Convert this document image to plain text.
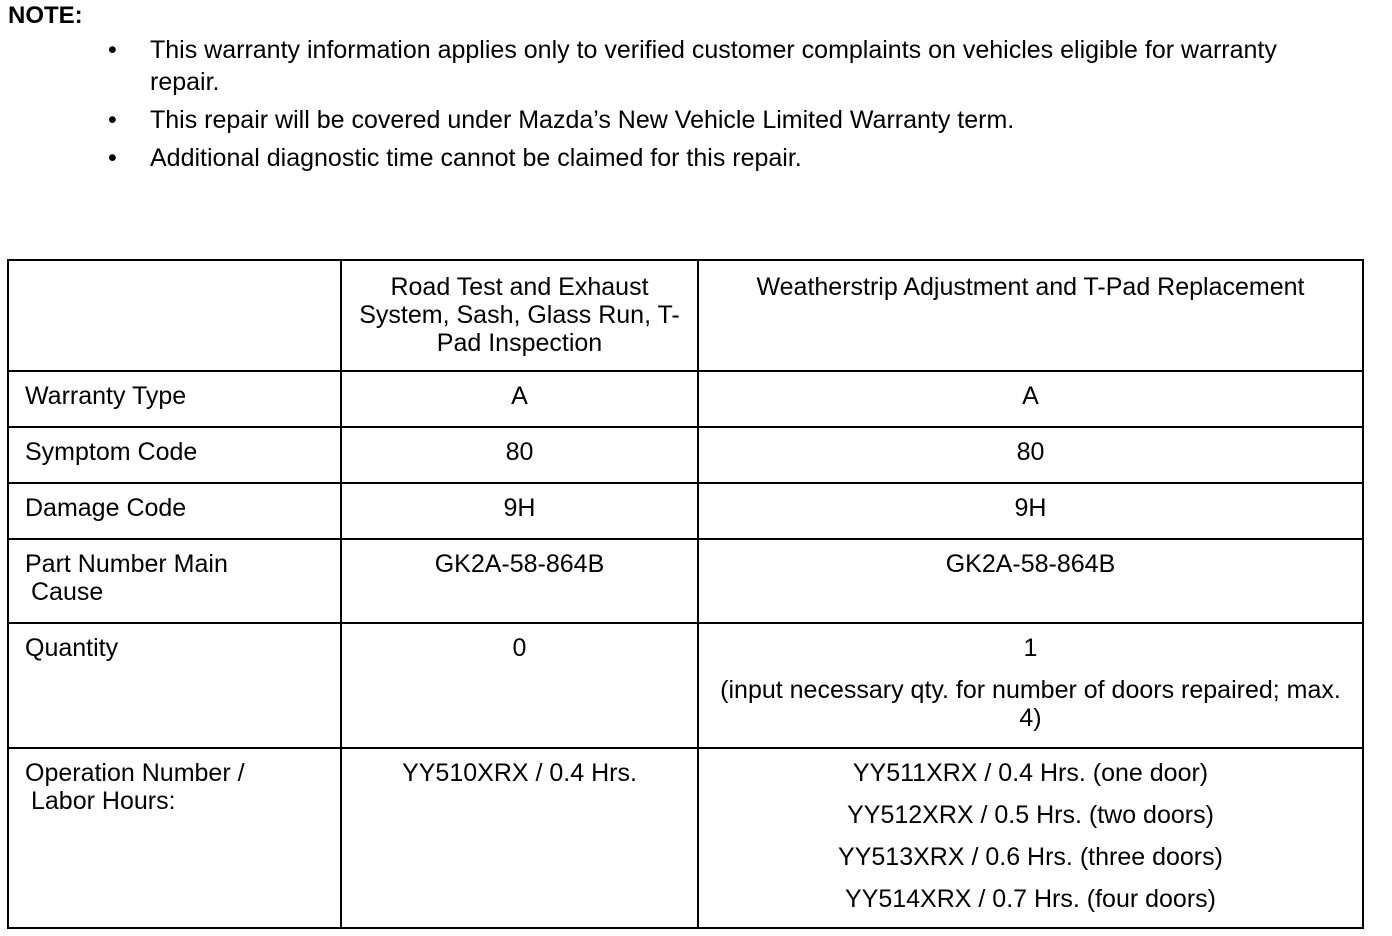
NOTE:
• This warranty information applies only to verified customer complaints on vehicles eligible for warranty repair.
• This repair will be covered under Mazda’s New Vehicle Limited Warranty term.
• Additional diagnostic time cannot be claimed for this repair.
	Road Test and Exhaust System, Sash, Glass Run, T-Pad Inspection	Weatherstrip Adjustment and T-Pad Replacement
Warranty Type	A	A
Symptom Code	80	80
Damage Code	9H	9H
Part Number Main
Cause	GK2A-58-864B	GK2A-58-864B
Quantity	0	1
(input necessary qty. for number of doors repaired; max. 4)

Operation Number /
Labor Hours:	YY510XRX / 0.4 Hrs.	YY511XRX / 0.4 Hrs. (one door)
YY512XRX / 0.5 Hrs. (two doors)
YY513XRX / 0.6 Hrs. (three doors)
YY514XRX / 0.7 Hrs. (four doors)
